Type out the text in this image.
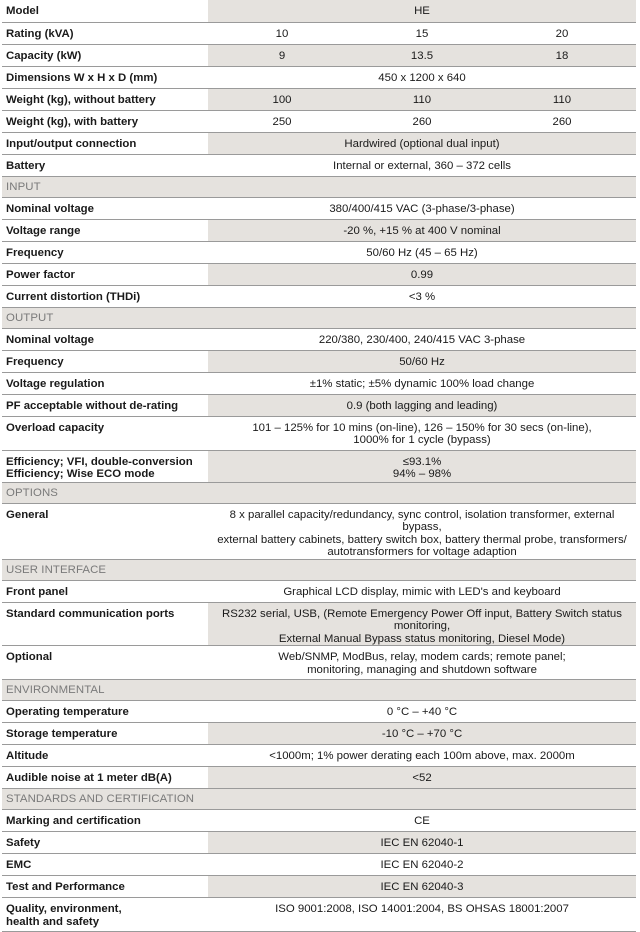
Model	HE
Rating (kVA)	10 15 20

Capacity (kW)	9 13.5 18

Dimensions W x H x D (mm)	450 x 1200 x 640
Weight (kg), without battery	100 110 110

Weight (kg), with battery	250 260 260

Input/output connection	Hardwired (optional dual input)
Battery	Internal or external, 360 – 372 cells
INPUT	
Nominal voltage	380/400/415 VAC (3-phase/3-phase)
Voltage range	-20 %, +15 % at 400 V nominal
Frequency	50/60 Hz (45 – 65 Hz)
Power factor	0.99
Current distortion (THDi)	<3 %
OUTPUT	
Nominal voltage	220/380, 230/400, 240/415 VAC 3-phase
Frequency	50/60 Hz
Voltage regulation	±1% static; ±5% dynamic 100% load change
PF acceptable without de-rating	0.9 (both lagging and leading)
Overload capacity	101 – 125% for 10 mins (on-line), 126 – 150% for 30 secs (on-line),
1000% for 1 cycle (bypass)
Efficiency; VFI, double-conversion
Efficiency; Wise ECO mode	≤93.1%
94% – 98%
OPTIONS	
General	8 x parallel capacity/redundancy, sync control, isolation transformer, external bypass,
external battery cabinets, battery switch box, battery thermal probe, transformers/
autotransformers for voltage adaption
USER INTERFACE	
Front panel	Graphical LCD display, mimic with LED's and keyboard
Standard communication ports	RS232 serial, USB, (Remote Emergency Power Off input, Battery Switch status monitoring,
External Manual Bypass status monitoring, Diesel Mode)
Optional	Web/SNMP, ModBus, relay, modem cards; remote panel;
monitoring, managing and shutdown software
ENVIRONMENTAL	
Operating temperature	0 °C – +40 °C
Storage temperature	-10 °C – +70 °C
Altitude	<1000m; 1% power derating each 100m above, max. 2000m
Audible noise at 1 meter dB(A)	<52
STANDARDS AND CERTIFICATION	
Marking and certification	CE
Safety	IEC EN 62040-1
EMC	IEC EN 62040-2
Test and Performance	IEC EN 62040-3
Quality, environment,
health and safety	ISO 9001:2008, ISO 14001:2004, BS OHSAS 18001:2007
